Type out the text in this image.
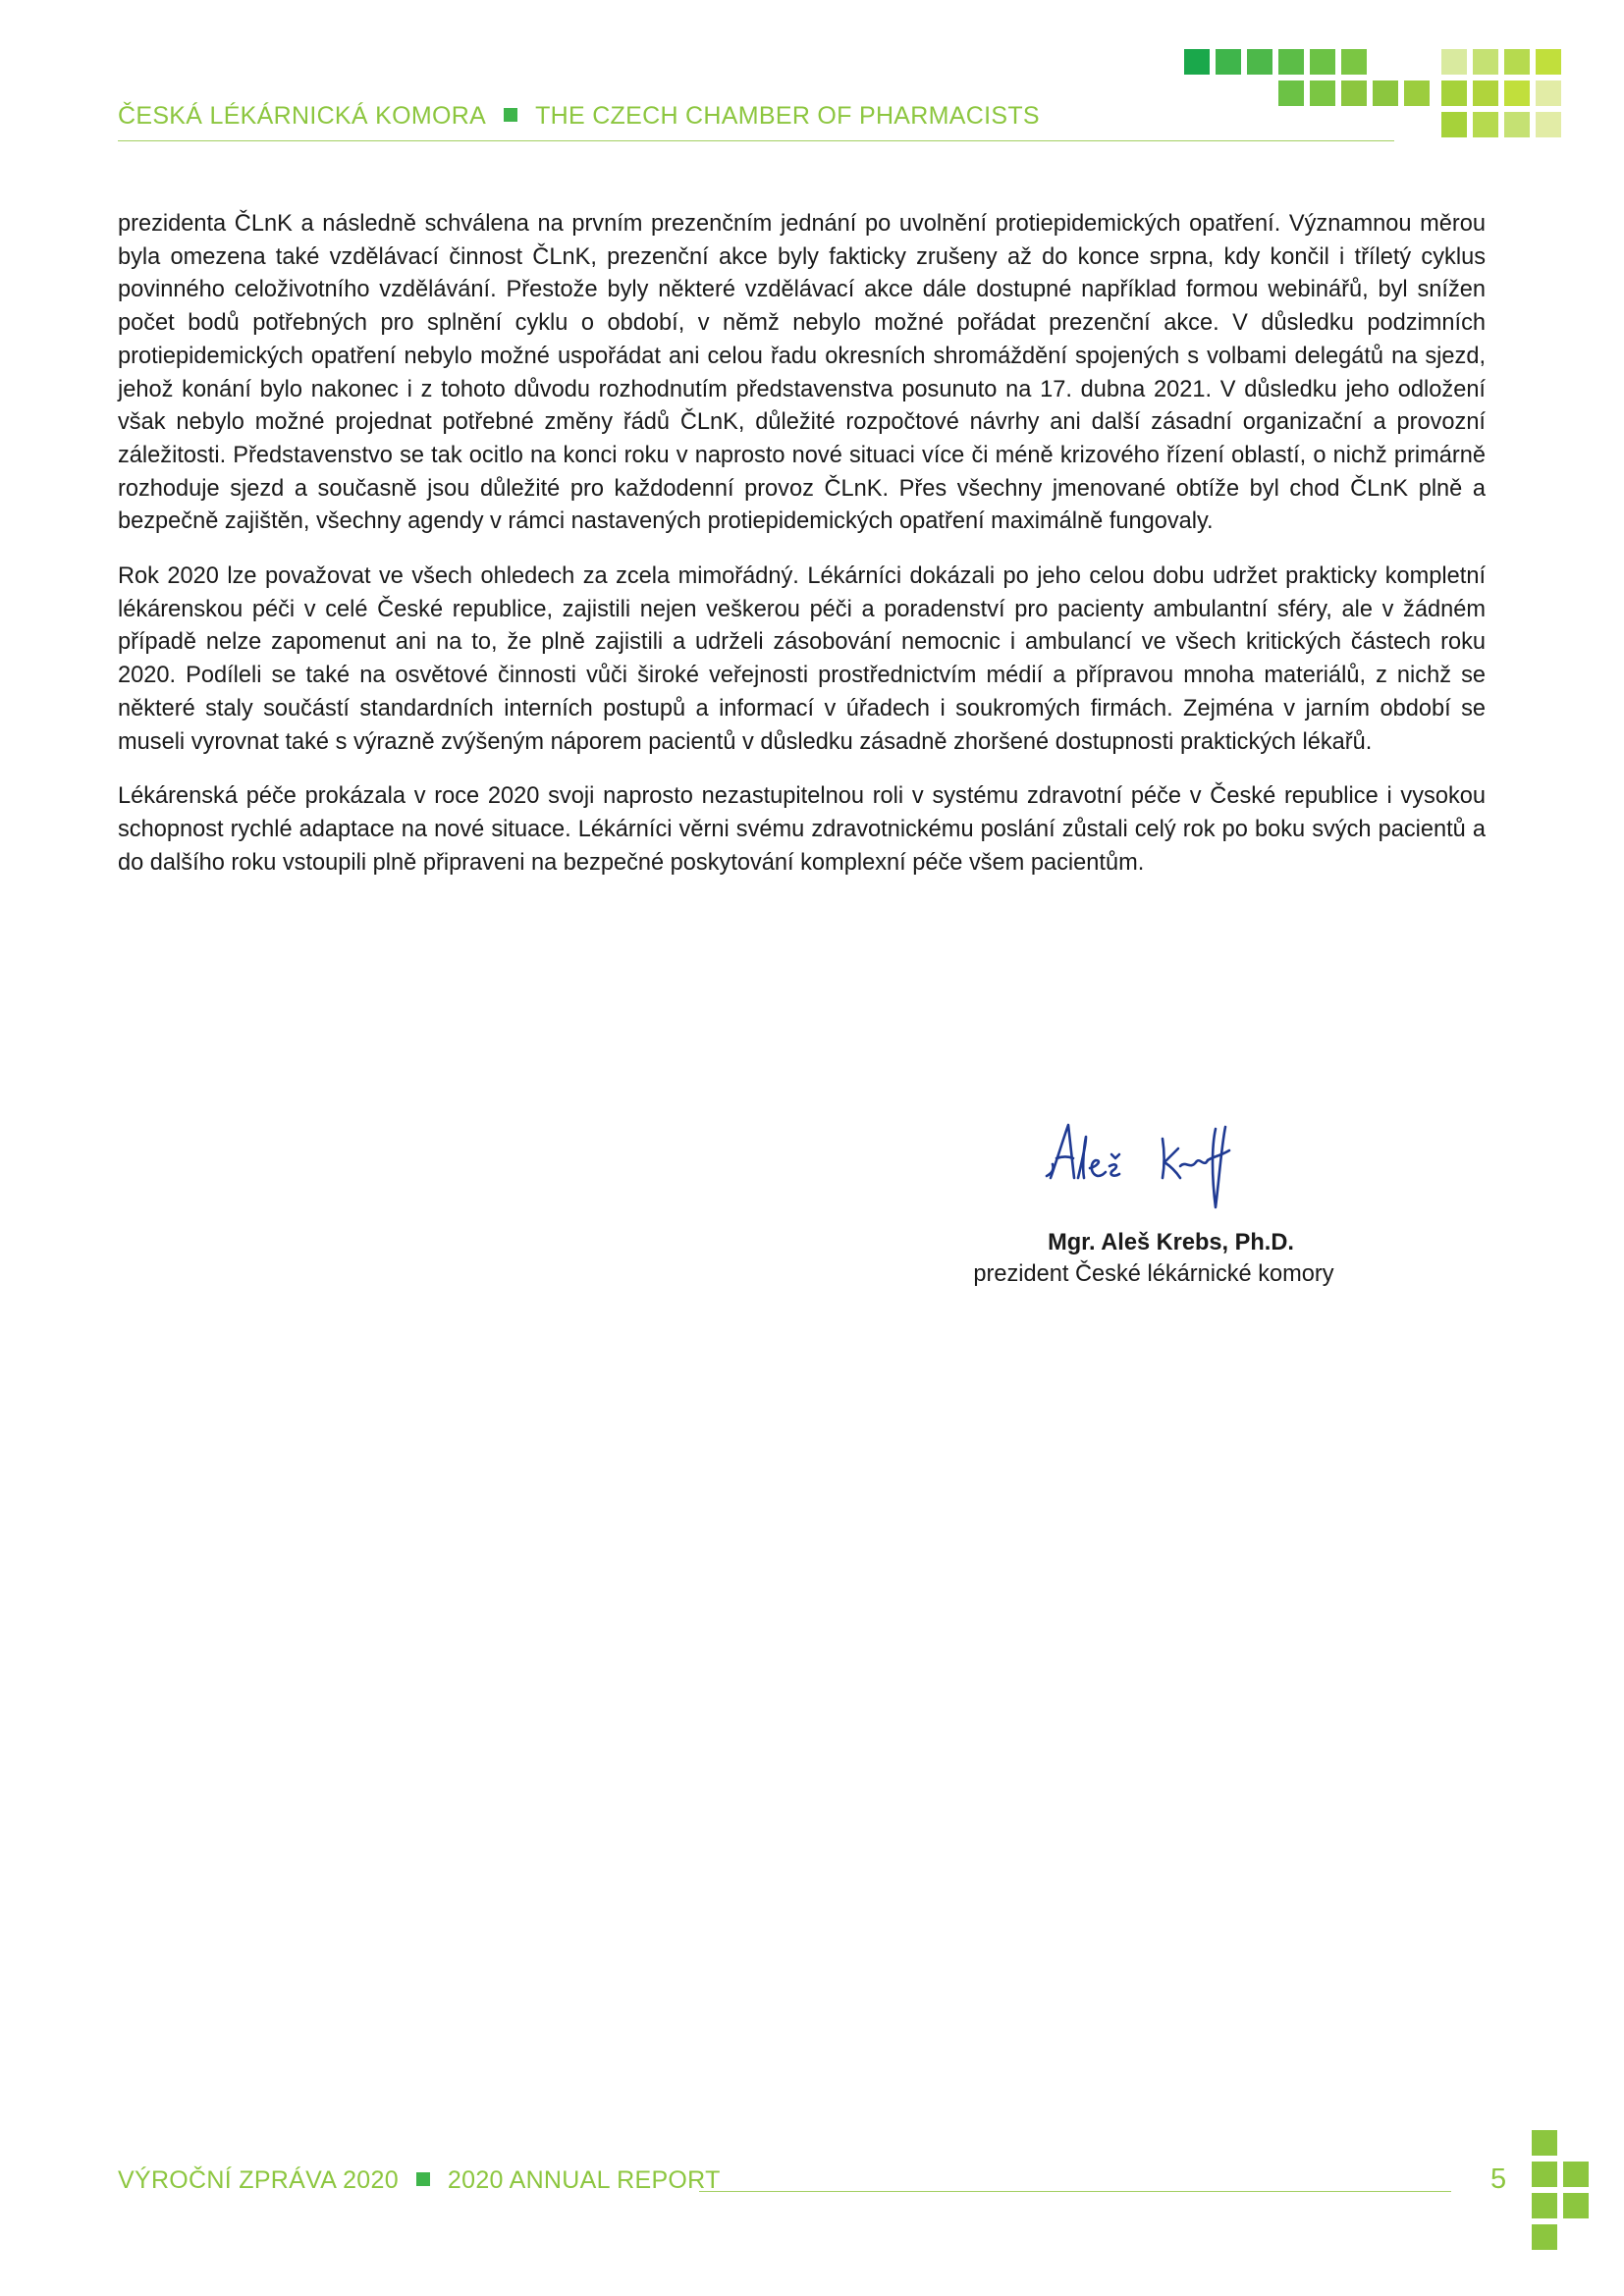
ČESKÁ LÉKÁRNICKÁ KOMORA THE CZECH CHAMBER OF PHARMACISTS

prezidenta ČLnK a následně schválena na prvním prezenčním jednání po uvolnění protiepidemických opatření. Významnou měrou byla omezena také vzdělávací činnost ČLnK, prezenční akce byly fakticky zrušeny až do konce srpna, kdy končil i tříletý cyklus povinného celoživotního vzdělávání. Přestože byly některé vzdělávací akce dále dostupné například formou webinářů, byl snížen počet bodů potřebných pro splnění cyklu o období, v němž nebylo možné pořádat prezenční akce. V důsledku podzimních protiepidemických opatření nebylo možné uspořádat ani celou řadu okresních shromáždění spojených s volbami delegátů na sjezd, jehož konání bylo nakonec i z tohoto důvodu rozhodnutím představenstva posunuto na 17. dubna 2021. V důsledku jeho odložení však nebylo možné projednat potřebné změny řádů ČLnK, důležité rozpočtové návrhy ani další zásadní organizační a provozní záležitosti. Představenstvo se tak ocitlo na konci roku v naprosto nové situaci více či méně krizového řízení oblastí, o nichž primárně rozhoduje sjezd a současně jsou důležité pro každodenní provoz ČLnK. Přes všechny jmenované obtíže byl chod ČLnK plně a bezpečně zajištěn, všechny agendy v rámci nastavených protiepidemických opatření maximálně fungovaly.

Rok 2020 lze považovat ve všech ohledech za zcela mimořádný. Lékárníci dokázali po jeho celou dobu udržet prakticky kompletní lékárenskou péči v celé České republice, zajistili nejen veškerou péči a poradenství pro pacienty ambulantní sféry, ale v žádném případě nelze zapomenut ani na to, že plně zajistili a udrželi zásobování nemocnic i ambulancí ve všech kritických částech roku 2020. Podíleli se také na osvětové činnosti vůči široké veřejnosti prostřednictvím médií a přípravou mnoha materiálů, z nichž se některé staly součástí standardních interních postupů a informací v úřadech i soukromých firmách. Zejména v jarním období se museli vyrovnat také s výrazně zvýšeným náporem pacientů v důsledku zásadně zhoršené dostupnosti praktických lékařů.

Lékárenská péče prokázala v roce 2020 svoji naprosto nezastupitelnou roli v systému zdravotní péče v České republice i vysokou schopnost rychlé adaptace na nové situace. Lékárníci věrni svému zdravotnickému poslání zůstali celý rok po boku svých pacientů a do dalšího roku vstoupili plně připraveni na bezpečné poskytování komplexní péče všem pacientům.

Mgr. Aleš Krebs, Ph.D.
prezident České lékárnické komory
VÝROČNÍ ZPRÁVA 2020 2020 ANNUAL REPORT	5
